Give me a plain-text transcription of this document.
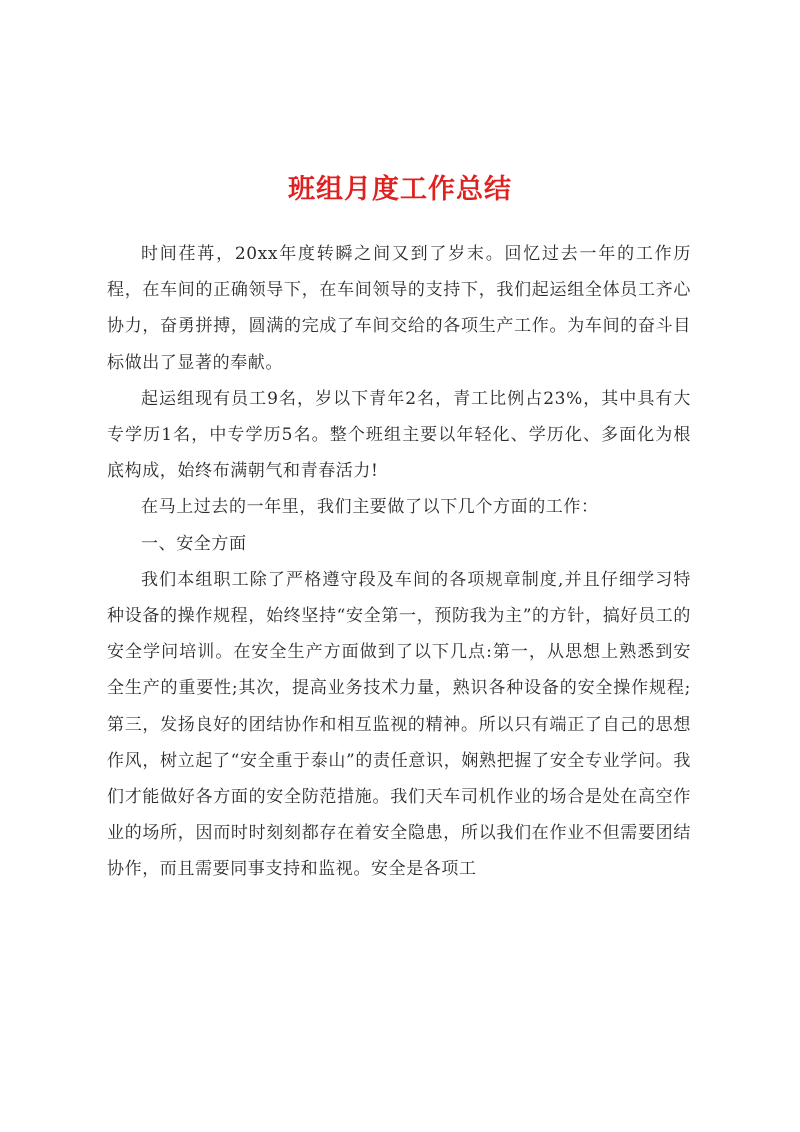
班组月度工作总结

时间荏苒，20xx年度转瞬之间又到了岁末。回忆过去一年的工作历程，在车间的正确领导下，在车间领导的支持下，我们起运组全体员工齐心协力，奋勇拼搏，圆满的完成了车间交给的各项生产工作。为车间的奋斗目标做出了显著的奉献。

起运组现有员工9名，岁以下青年2名，青工比例占23%，其中具有大专学历1名，中专学历5名。整个班组主要以年轻化、学历化、多面化为根底构成，始终布满朝气和青春活力!

在马上过去的一年里，我们主要做了以下几个方面的工作：

一、安全方面

我们本组职工除了严格遵守段及车间的各项规章制度,并且仔细学习特种设备的操作规程，始终坚持“安全第一，预防我为主”的方针，搞好员工的安全学问培训。在安全生产方面做到了以下几点:第一，从思想上熟悉到安全生产的重要性;其次，提高业务技术力量，熟识各种设备的安全操作规程;第三，发扬良好的团结协作和相互监视的精神。所以只有端正了自己的思想作风，树立起了“安全重于泰山”的责任意识，娴熟把握了安全专业学问。我们才能做好各方面的安全防范措施。我们天车司机作业的场合是处在高空作业的场所，因而时时刻刻都存在着安全隐患，所以我们在作业不但需要团结协作，而且需要同事支持和监视。安全是各项工
